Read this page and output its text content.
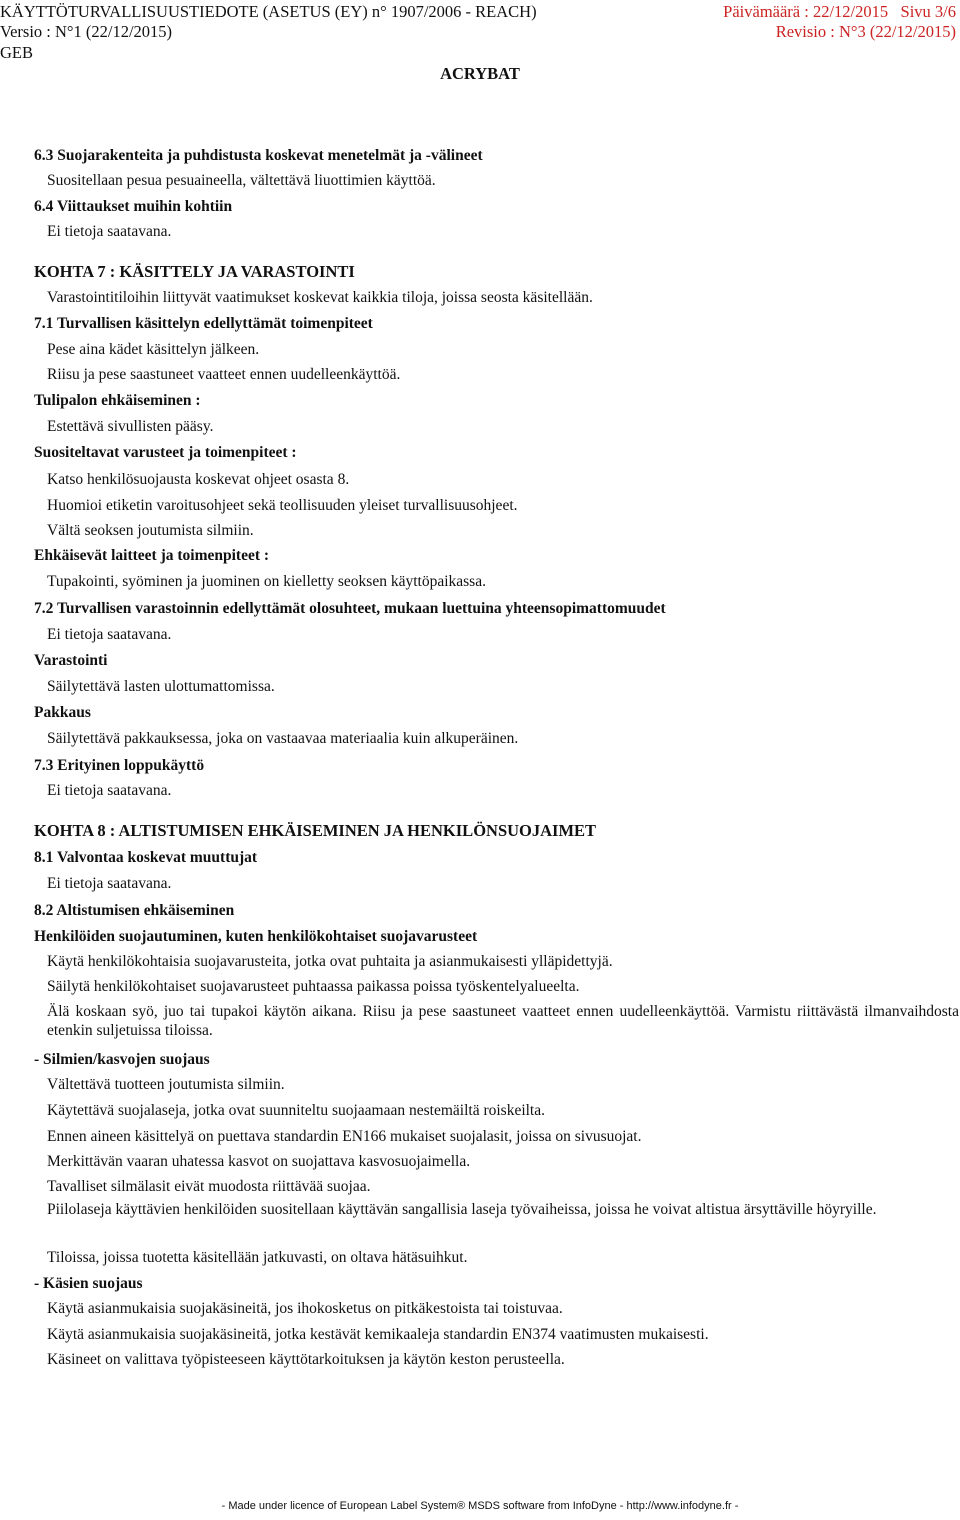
KÄYTTÖTURVALLISUUSTIEDOTE (ASETUS (EY) n° 1907/2006 - REACH)	Päivämäärä : 22/12/2015 Sivu 3/6
Versio : N°1 (22/12/2015)	Revisio : N°3 (22/12/2015)
GEB
ACRYBAT
6.3 Suojarakenteita ja puhdistusta koskevat menetelmät ja -välineet
Suositellaan pesua pesuaineella, vältettävä liuottimien käyttöä.
6.4 Viittaukset muihin kohtiin
Ei tietoja saatavana.
KOHTA 7 : KÄSITTELY JA VARASTOINTI
Varastointitiloihin liittyvät vaatimukset koskevat kaikkia tiloja, joissa seosta käsitellään.
7.1 Turvallisen käsittelyn edellyttämät toimenpiteet
Pese aina kädet käsittelyn jälkeen.
Riisu ja pese saastuneet vaatteet ennen uudelleenkäyttöä.
Tulipalon ehkäiseminen :
Estettävä sivullisten pääsy.
Suositeltavat varusteet ja toimenpiteet :
Katso henkilösuojausta koskevat ohjeet osasta 8.
Huomioi etiketin varoitusohjeet sekä teollisuuden yleiset turvallisuusohjeet.
Vältä seoksen joutumista silmiin.
Ehkäisevät laitteet ja toimenpiteet :
Tupakointi, syöminen ja juominen on kielletty seoksen käyttöpaikassa.
7.2 Turvallisen varastoinnin edellyttämät olosuhteet, mukaan luettuina yhteensopimattomuudet
Ei tietoja saatavana.
Varastointi
Säilytettävä lasten ulottumattomissa.
Pakkaus
Säilytettävä pakkauksessa, joka on vastaavaa materiaalia kuin alkuperäinen.
7.3 Erityinen loppukäyttö
Ei tietoja saatavana.
KOHTA 8 : ALTISTUMISEN EHKÄISEMINEN JA HENKILÖNSUOJAIMET
8.1 Valvontaa koskevat muuttujat
Ei tietoja saatavana.
8.2 Altistumisen ehkäiseminen
Henkilöiden suojautuminen, kuten henkilökohtaiset suojavarusteet
Käytä henkilökohtaisia suojavarusteita, jotka ovat puhtaita ja asianmukaisesti ylläpidettyjä.
Säilytä henkilökohtaiset suojavarusteet puhtaassa paikassa poissa työskentelyalueelta.
Älä koskaan syö, juo tai tupakoi käytön aikana. Riisu ja pese saastuneet vaatteet ennen uudelleenkäyttöä. Varmistu riittävästä ilmanvaihdosta etenkin suljetuissa tiloissa.
- Silmien/kasvojen suojaus
Vältettävä tuotteen joutumista silmiin.
Käytettävä suojalaseja, jotka ovat suunniteltu suojaamaan nestemäiltä roiskeilta.
Ennen aineen käsittelyä on puettava standardin EN166 mukaiset suojalasit, joissa on sivusuojat.
Merkittävän vaaran uhatessa kasvot on suojattava kasvosuojaimella.
Tavalliset silmälasit eivät muodosta riittävää suojaa.
Piilolaseja käyttävien henkilöiden suositellaan käyttävän sangallisia laseja työvaiheissa, joissa he voivat altistua ärsyttäville höyryille.
Tiloissa, joissa tuotetta käsitellään jatkuvasti, on oltava hätäsuihkut.
- Käsien suojaus
Käytä asianmukaisia suojakäsineitä, jos ihokosketus on pitkäkestoista tai toistuvaa.
Käytä asianmukaisia suojakäsineitä, jotka kestävät kemikaaleja standardin EN374 vaatimusten mukaisesti.
Käsineet on valittava työpisteeseen käyttötarkoituksen ja käytön keston perusteella.
- Made under licence of European Label System® MSDS software from InfoDyne - http://www.infodyne.fr -
